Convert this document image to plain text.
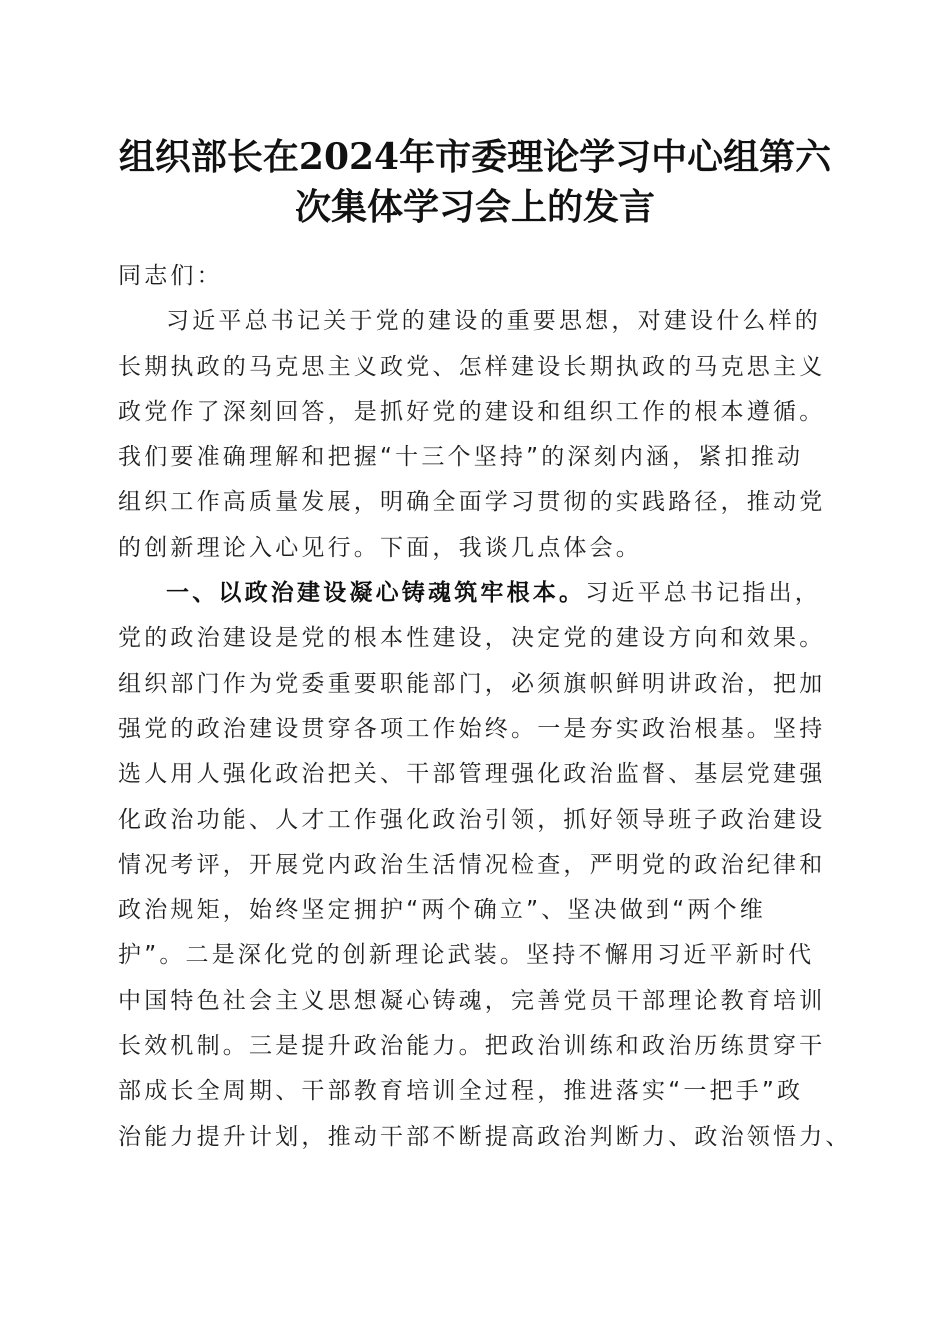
组织部长在2024年市委理论学习中心组第六
次集体学习会上的发言
同志们：
习近平总书记关于党的建设的重要思想，对建设什么样的
长期执政的马克思主义政党、怎样建设长期执政的马克思主义
政党作了深刻回答，是抓好党的建设和组织工作的根本遵循。
我们要准确理解和把握“十三个坚持”的深刻内涵，紧扣推动
组织工作高质量发展，明确全面学习贯彻的实践路径，推动党
的创新理论入心见行。下面，我谈几点体会。
一、以政治建设凝心铸魂筑牢根本。习近平总书记指出，
党的政治建设是党的根本性建设，决定党的建设方向和效果。
组织部门作为党委重要职能部门，必须旗帜鲜明讲政治，把加
强党的政治建设贯穿各项工作始终。一是夯实政治根基。坚持
选人用人强化政治把关、干部管理强化政治监督、基层党建强
化政治功能、人才工作强化政治引领，抓好领导班子政治建设
情况考评，开展党内政治生活情况检查，严明党的政治纪律和
政治规矩，始终坚定拥护“两个确立”、坚决做到“两个维
护”。二是深化党的创新理论武装。坚持不懈用习近平新时代
中国特色社会主义思想凝心铸魂，完善党员干部理论教育培训
长效机制。三是提升政治能力。把政治训练和政治历练贯穿干
部成长全周期、干部教育培训全过程，推进落实“一把手”政
治能力提升计划，推动干部不断提高政治判断力、政治领悟力、
